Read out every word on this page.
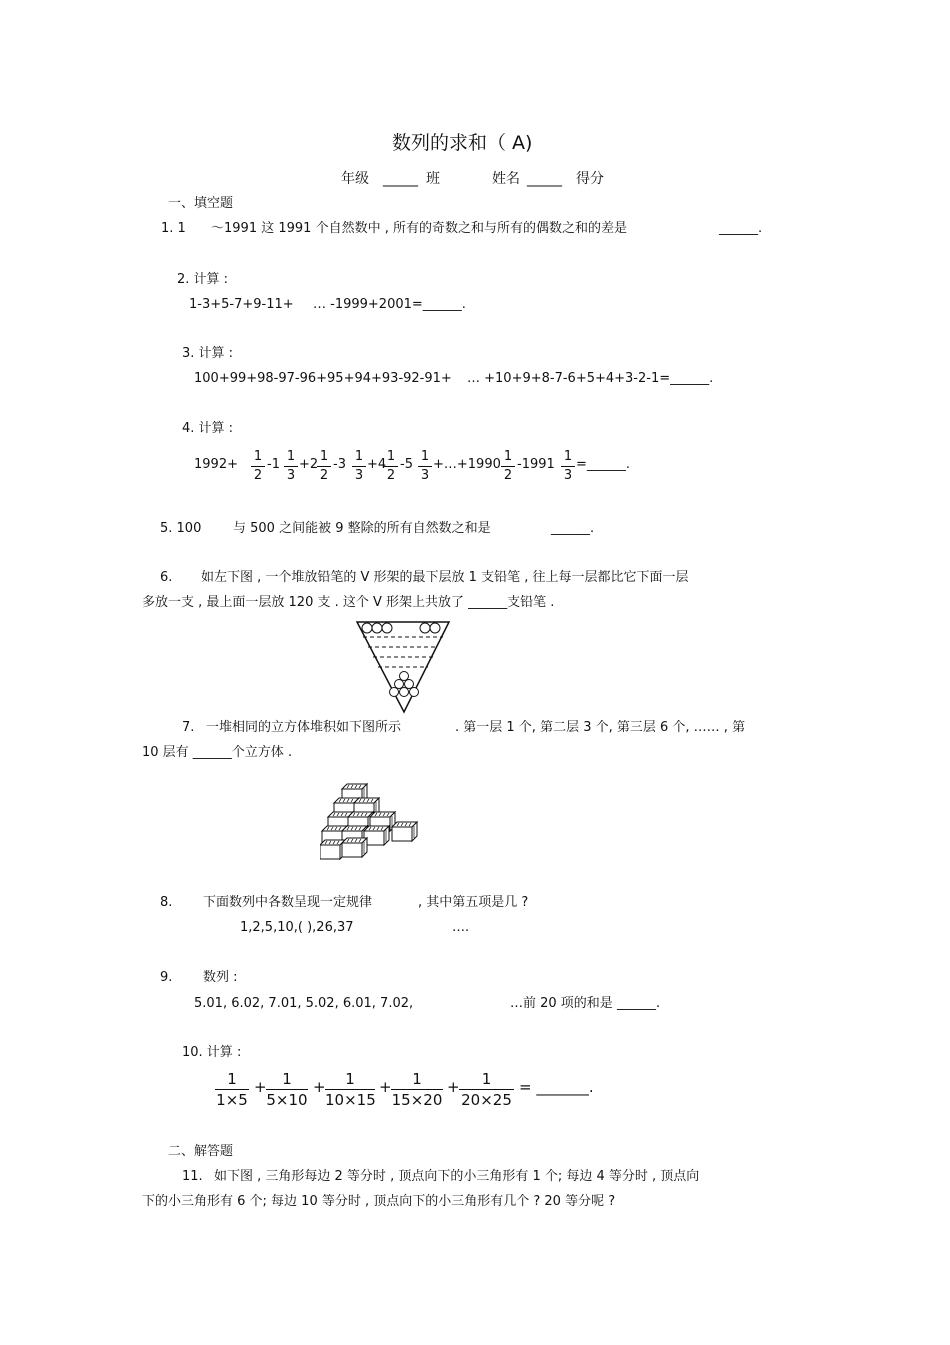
数列的求和（ A)
年级 _____ 班	姓名 _____ 得分
一、填空题
1. 1 ～1991 这 1991 个自然数中 , 所有的奇数之和与所有的偶数之和的差是	______.
2. 计算 :
1-3+5-7+9-11+ … -1999+2001=______.
3. 计算 :
100+99+98-97-96+95+94+93-92-91+ … +10+9+8-7-6+5+4+3-2-1=______.
4. 计算 :
1992+
1
2
-1
1
3
+2
1
2
-3
1
3
+4
1
2
-5
1
3
+…+1990
1
2
-1991
1
3
=______.
5. 100 与 500 之间能被 9 整除的所有自然数之和是	______.
6. 如左下图 , 一个堆放铅笔的 V 形架的最下层放 1 支铅笔 , 往上每一层都比它下面一层
多放一支 , 最上面一层放 120 支 . 这个 V 形架上共放了 ______支铅笔 .
7. 一堆相同的立方体堆积如下图所示	. 第一层 1 个, 第二层 3 个, 第三层 6 个, …… , 第
10 层有 ______个立方体 .
8. 下面数列中各数呈现一定规律	, 其中第五项是几 ?
1,2,5,10,( ),26,37	….
9. 数列 :
5.01, 6.02, 7.01, 5.02, 6.01, 7.02,	…前 20 项的和是 ______.
10. 计算 :
1
1×5
+	1
5×10
+	1
10×15
+	1
15×20
+	1
20×25
= _______.
二、解答题
11. 如下图 , 三角形每边 2 等分时 , 顶点向下的小三角形有 1 个; 每边 4 等分时 , 顶点向
下的小三角形有 6 个; 每边 10 等分时 , 顶点向下的小三角形有几个 ? 20 等分呢 ?
